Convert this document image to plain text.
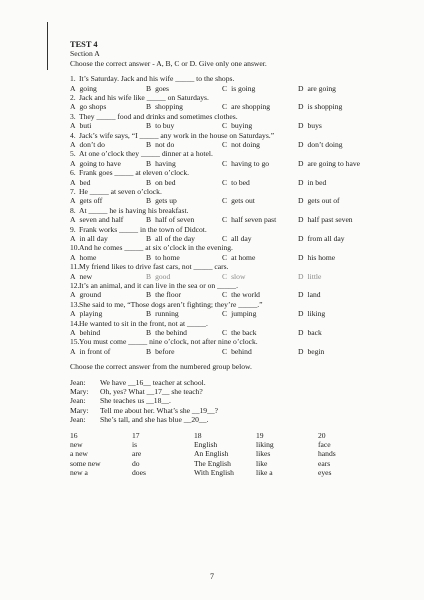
TEST 4
Section A
Choose the correct answer - A, B, C or D. Give only one answer.
1. It’s Saturday. Jack and his wife _____ to the shops.
A going	B goes	C is going	D are going
2. Jack and his wife like _____ on Saturdays.
A go shops	B shopping	C are shopping	D is shopping
3. They _____ food and drinks and sometimes clothes.
A buti	B to buy	C buying	D buys
4. Jack’s wife says, “I _____ any work in the house on Saturdays.”
A don’t do	B not do	C not doing	D don’t doing
5. At one o’clock they _____ dinner at a hotel.
A going to have	B having	C having to go	D are going to have
6. Frank goes _____ at eleven o’clock.
A bed	B on bed	C to bed	D in bed
7. He _____ at seven o’clock.
A gets off	B gets up	C gets out	D gets out of
8. At _____ he is having his breakfast.
A seven and half	B half of seven	C half seven past	D half past seven
9. Frank works _____ in the town of Didcot.
A in all day	B all of the day	C all day	D from all day
10.And he comes _____ at six o’clock in the evening.
A home	B to home	C at home	D his home
11.My friend likes to drive fast cars, not _____ cars.
A new	B good	C slow	D little
12.It’s an animal, and it can live in the sea or on _____.
A ground	B the floor	C the world	D land
13.She said to me, “Those dogs aren’t fighting; they’re _____.”
A playing	B running	C jumping	D liking
14.He wanted to sit in the front, not at _____.
A behind	B the behind	C the back	D back
15.You must come _____ nine o’clock, not after nine o’clock.
A in front of	B before	C behind	D begin
Choose the correct answer from the numbered group below.
Jean:	We have __16__ teacher at school.
Mary:	Oh, yes? What __17__ she teach?
Jean:	She teaches us __18__.
Mary:	Tell me about her. What’s she __19__?
Jean:	She’s tall, and she has blue __20__.
16	17	18	19	20
new	is	English	liking	face
a new	are	An English	likes	hands
some new	do	The English	like	ears
new a	does	With English	like a	eyes
7
